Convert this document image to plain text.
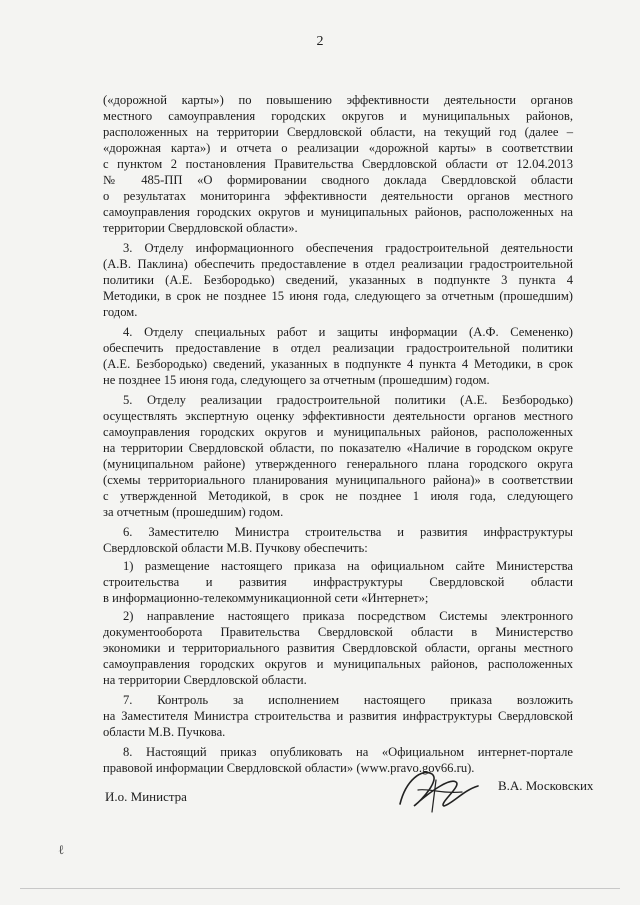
2
(«дорожной карты») по повышению эффективности деятельности органов
местного самоуправления городских округов и муниципальных районов,
расположенных на территории Свердловской области, на текущий год (далее –
«дорожная карта») и отчета о реализации «дорожной карты» в соответствии
с пунктом 2 постановления Правительства Свердловской области от 12.04.2013
№ 485-ПП «О формировании сводного доклада Свердловской области
о результатах мониторинга эффективности деятельности органов местного
самоуправления городских округов и муниципальных районов, расположенных на
территории Свердловской области».
3. Отделу информационного обеспечения градостроительной деятельности
(А.В. Паклина) обеспечить предоставление в отдел реализации градостроительной
политики (А.Е. Безбородько) сведений, указанных в подпункте 3 пункта 4
Методики, в срок не позднее 15 июня года, следующего за отчетным (прошедшим)
годом.
4. Отделу специальных работ и защиты информации (А.Ф. Семененко)
обеспечить предоставление в отдел реализации градостроительной политики
(А.Е. Безбородько) сведений, указанных в подпункте 4 пункта 4 Методики, в срок
не позднее 15 июня года, следующего за отчетным (прошедшим) годом.
5. Отделу реализации градостроительной политики (А.Е. Безбородько)
осуществлять экспертную оценку эффективности деятельности органов местного
самоуправления городских округов и муниципальных районов, расположенных
на территории Свердловской области, по показателю «Наличие в городском округе
(муниципальном районе) утвержденного генерального плана городского округа
(схемы территориального планирования муниципального района)» в соответствии
с утвержденной Методикой, в срок не позднее 1 июля года, следующего
за отчетным (прошедшим) годом.
6. Заместителю Министра строительства и развития инфраструктуры
Свердловской области М.В. Пучкову обеспечить:
1) размещение настоящего приказа на официальном сайте Министерства
строительства и развития инфраструктуры Свердловской области
в информационно-телекоммуникационной сети «Интернет»;
2) направление настоящего приказа посредством Системы электронного
документооборота Правительства Свердловской области в Министерство
экономики и территориального развития Свердловской области, органы местного
самоуправления городских округов и муниципальных районов, расположенных
на территории Свердловской области.
7. Контроль за исполнением настоящего приказа возложить
на Заместителя Министра строительства и развития инфраструктуры Свердловской
области М.В. Пучкова.
8. Настоящий приказ опубликовать на «Официальном интернет-портале
правовой информации Свердловской области» (www.pravo.gov66.ru).
И.о. Министра
В.А. Московских
ℓ
